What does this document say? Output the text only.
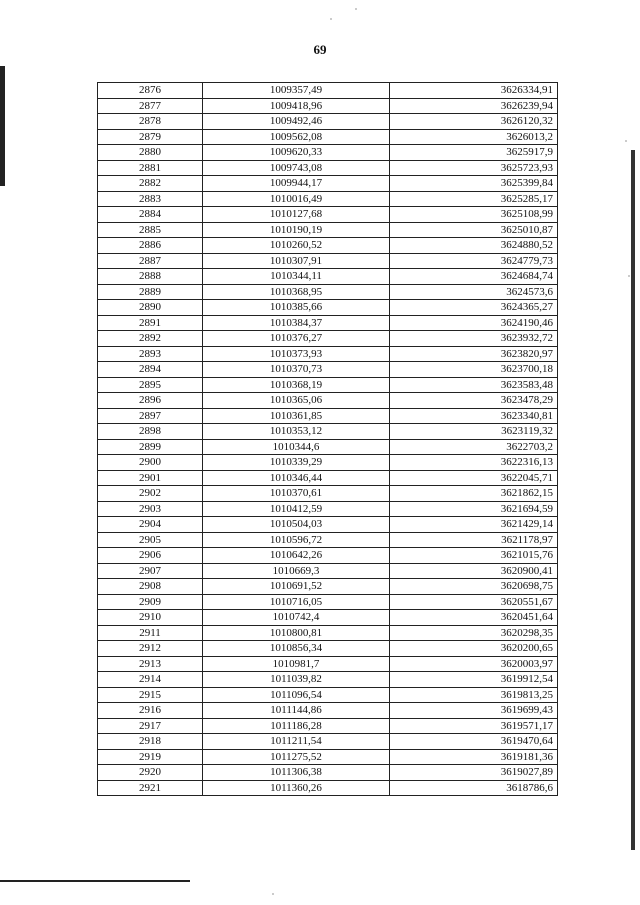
69
2876	1009357,49	3626334,91
2877	1009418,96	3626239,94
2878	1009492,46	3626120,32
2879	1009562,08	3626013,2
2880	1009620,33	3625917,9
2881	1009743,08	3625723,93
2882	1009944,17	3625399,84
2883	1010016,49	3625285,17
2884	1010127,68	3625108,99
2885	1010190,19	3625010,87
2886	1010260,52	3624880,52
2887	1010307,91	3624779,73
2888	1010344,11	3624684,74
2889	1010368,95	3624573,6
2890	1010385,66	3624365,27
2891	1010384,37	3624190,46
2892	1010376,27	3623932,72
2893	1010373,93	3623820,97
2894	1010370,73	3623700,18
2895	1010368,19	3623583,48
2896	1010365,06	3623478,29
2897	1010361,85	3623340,81
2898	1010353,12	3623119,32
2899	1010344,6	3622703,2
2900	1010339,29	3622316,13
2901	1010346,44	3622045,71
2902	1010370,61	3621862,15
2903	1010412,59	3621694,59
2904	1010504,03	3621429,14
2905	1010596,72	3621178,97
2906	1010642,26	3621015,76
2907	1010669,3	3620900,41
2908	1010691,52	3620698,75
2909	1010716,05	3620551,67
2910	1010742,4	3620451,64
2911	1010800,81	3620298,35
2912	1010856,34	3620200,65
2913	1010981,7	3620003,97
2914	1011039,82	3619912,54
2915	1011096,54	3619813,25
2916	1011144,86	3619699,43
2917	1011186,28	3619571,17
2918	1011211,54	3619470,64
2919	1011275,52	3619181,36
2920	1011306,38	3619027,89
2921	1011360,26	3618786,6
